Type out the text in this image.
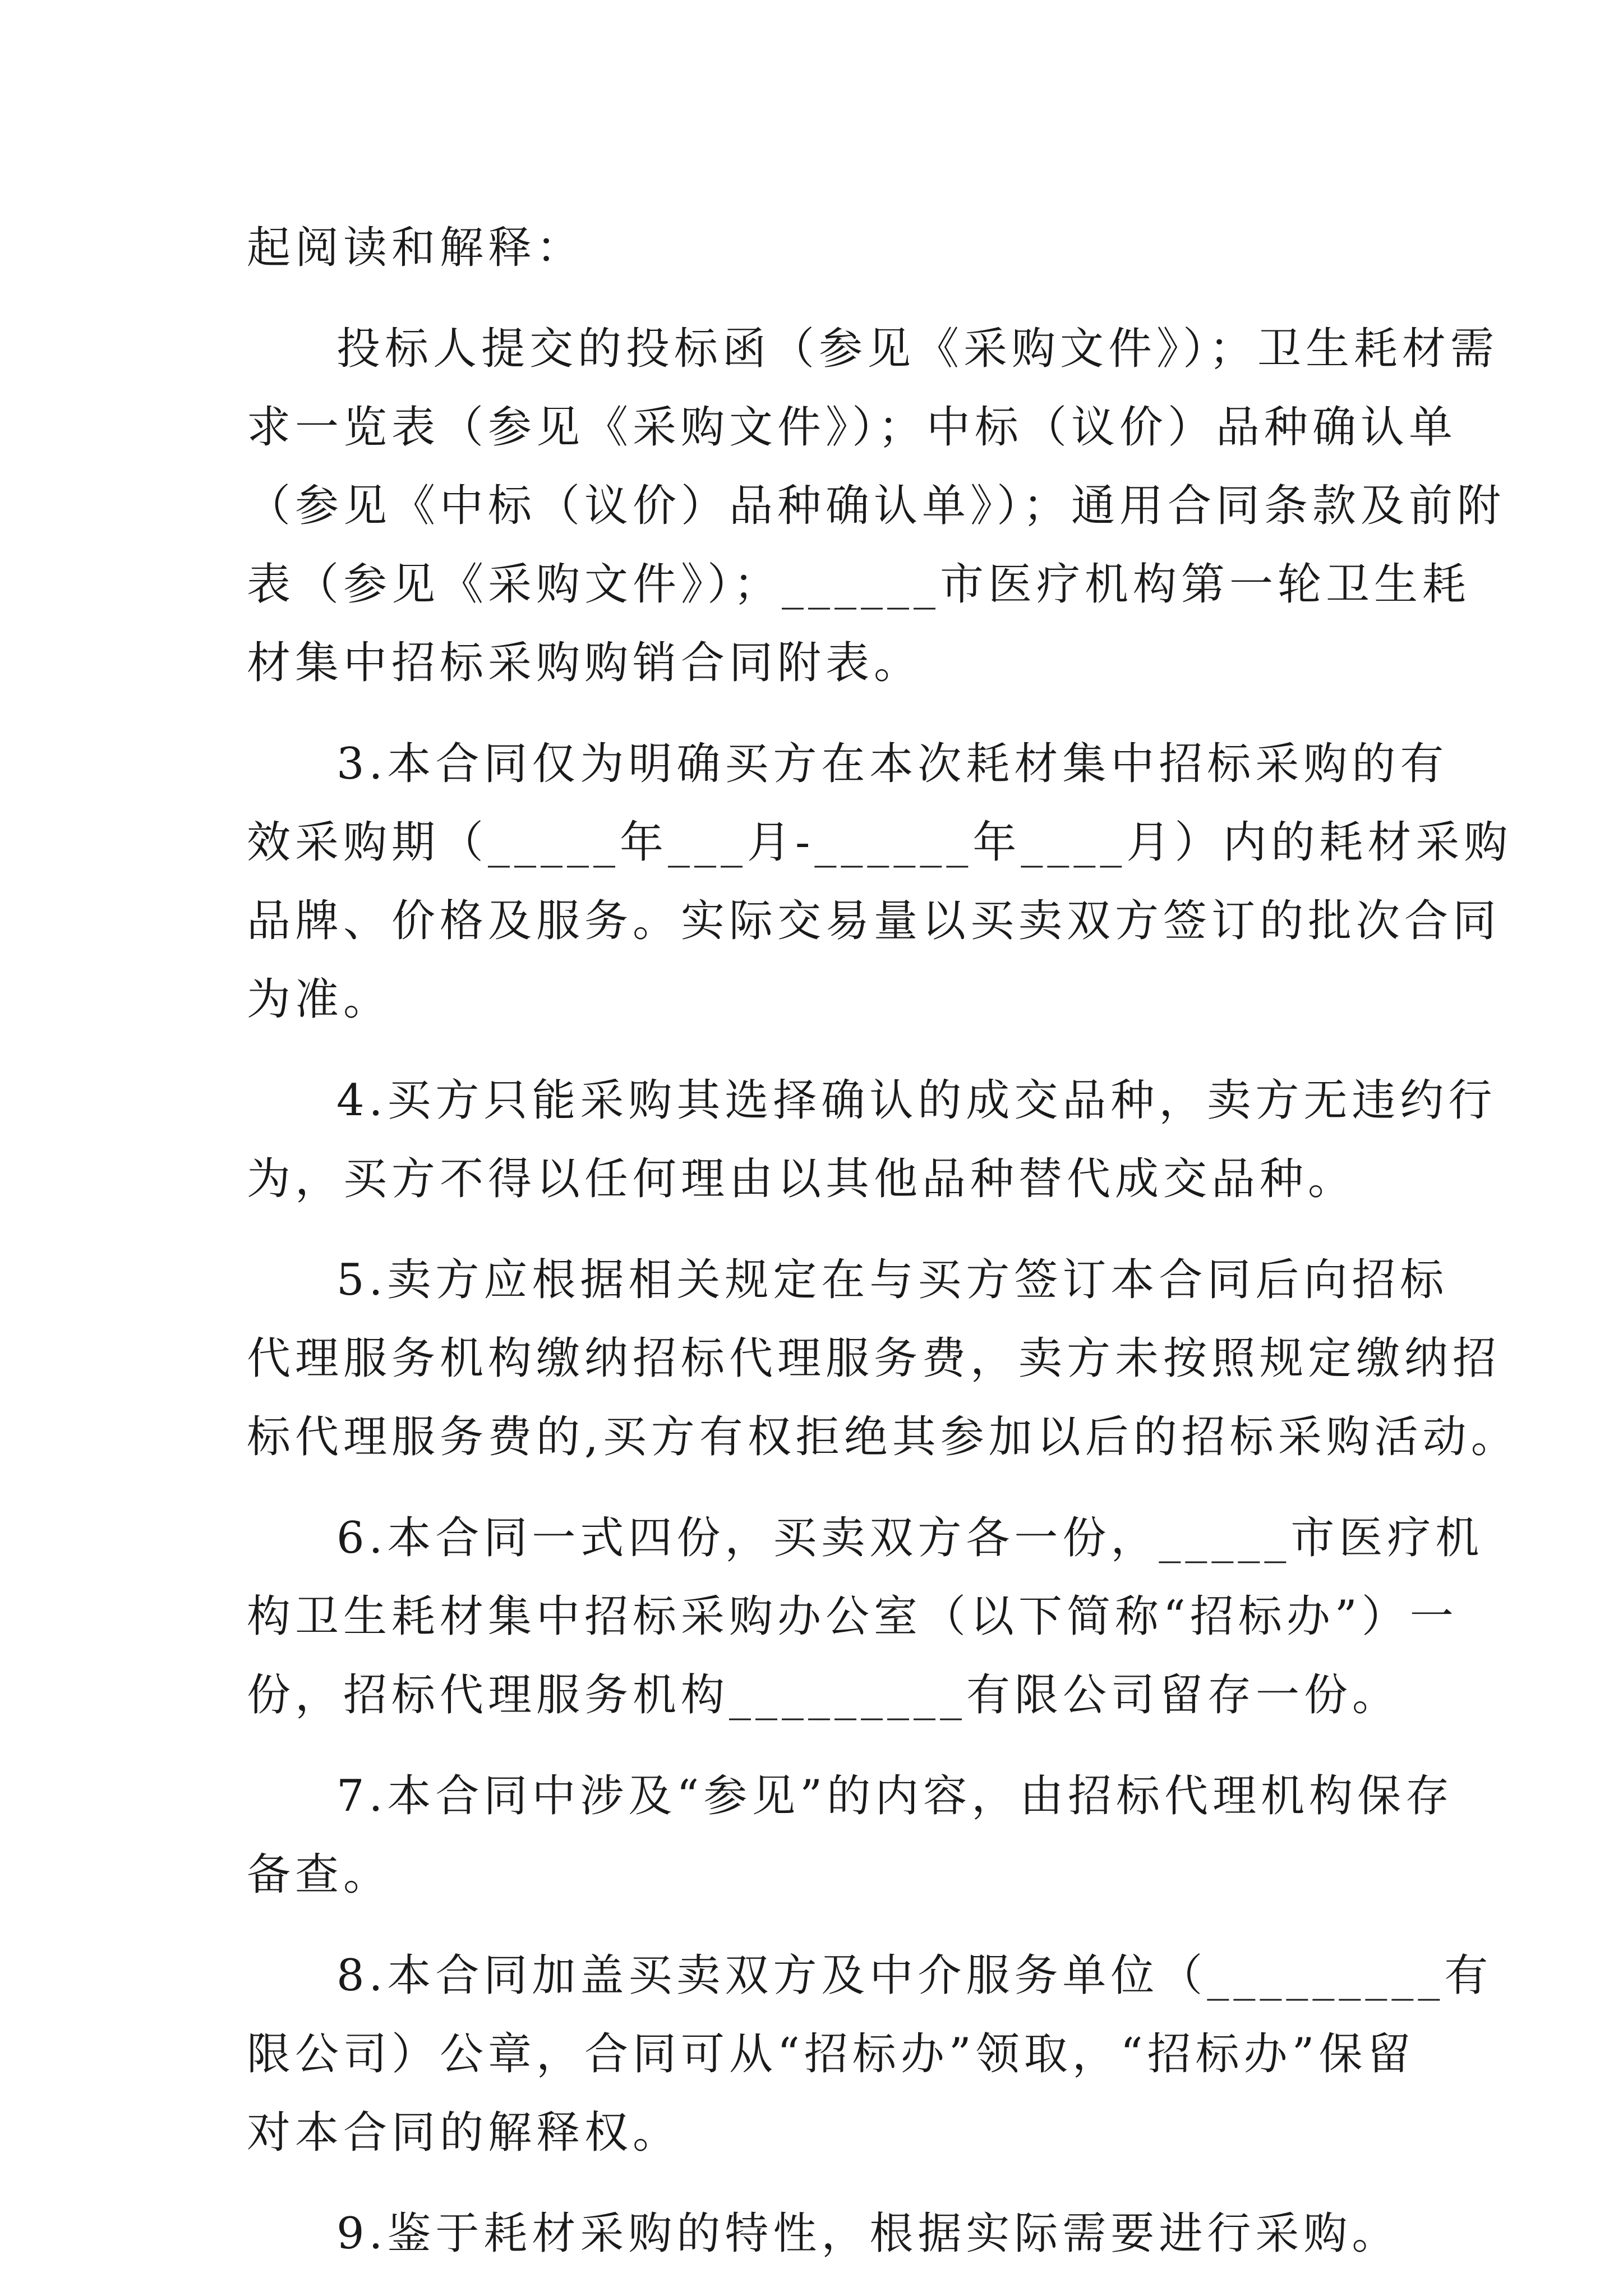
起阅读和解释：
投标人提交的投标函（参见《采购文件》）；卫生耗材需
求一览表（参见《采购文件》）；中标（议价）品种确认单
（参见《中标（议价）品种确认单》）；通用合同条款及前附
表（参见《采购文件》）；______市医疗机构第一轮卫生耗
材集中招标采购购销合同附表。
3.本合同仅为明确买方在本次耗材集中招标采购的有
效采购期（_____年___月-______年____月）内的耗材采购
品牌、价格及服务。实际交易量以买卖双方签订的批次合同
为准。
4.买方只能采购其选择确认的成交品种，卖方无违约行
为，买方不得以任何理由以其他品种替代成交品种。
5.卖方应根据相关规定在与买方签订本合同后向招标
代理服务机构缴纳招标代理服务费，卖方未按照规定缴纳招
标代理服务费的,买方有权拒绝其参加以后的招标采购活动。
6.本合同一式四份，买卖双方各一份，_____市医疗机
构卫生耗材集中招标采购办公室（以下简称“招标办”）一
份，招标代理服务机构_________有限公司留存一份。
7.本合同中涉及“参见”的内容，由招标代理机构保存
备查。
8.本合同加盖买卖双方及中介服务单位（_________有
限公司）公章，合同可从“招标办”领取，“招标办”保留
对本合同的解释权。
9.鉴于耗材采购的特性，根据实际需要进行采购。
